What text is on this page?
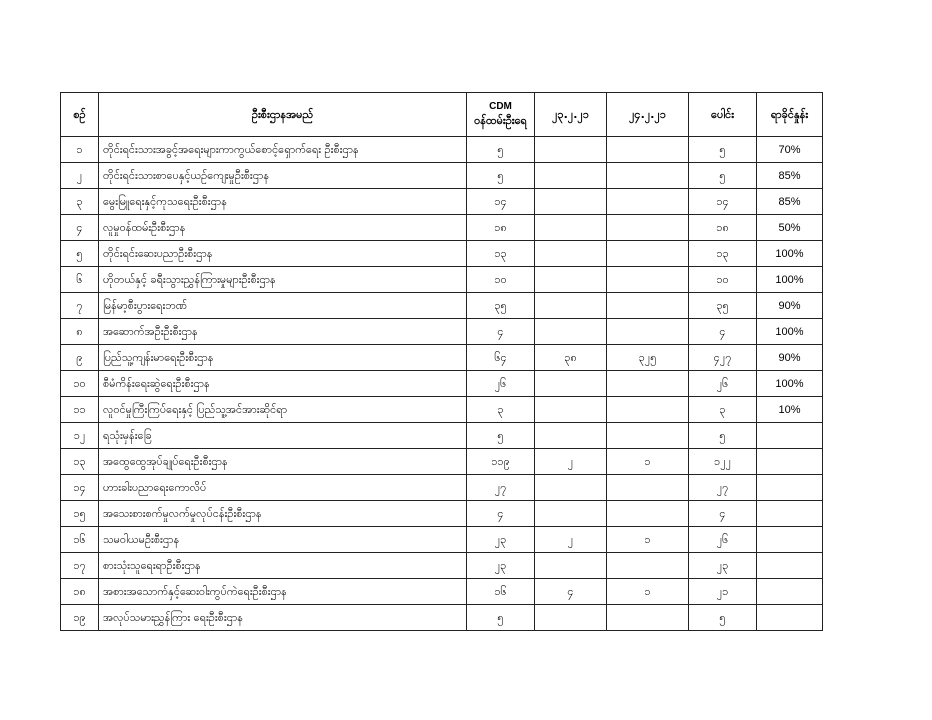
စဉ်	ဦးစီးဌာနအမည်	CDM
ဝန်ထမ်းဦးရေ	၂၃.၂.၂၁	၂၄.၂.၂၁	ပေါင်း	ရာခိုင်နှုန်း
၁	တိုင်းရင်းသားအခွင့်အရေးများကာကွယ်စောင့်ရှောက်ရေး ဦးစီးဌာန	၅			၅	70%
၂	တိုင်းရင်းသားစာပေနှင့်ယဉ်ကျေးမှုဦးစီးဌာန	၅			၅	85%
၃	မွေးမြူရေးနှင့်ကုသရေးဦးစီးဌာန	၁၄			၁၄	85%
၄	လူမှုဝန်ထမ်းဦးစီးဌာန	၁၈			၁၈	50%
၅	တိုင်းရင်းဆေးပညာဦးစီးဌာန	၁၃			၁၃	100%
၆	ဟိုတယ်နှင့် ခရီးသွားညွှန်ကြားမှုများဦးစီးဌာန	၁၀			၁၀	100%
၇	မြန်မာ့စီးပွားရေးဘဏ်	၃၅			၃၅	90%
၈	အဆောက်အဦးဦးစီးဌာန	၄			၄	100%
၉	ပြည်သူ့ကျန်းမာရေးဦးစီးဌာန	၆၄	၃၈	၃၂၅	၄၂၇	90%
၁၀	စီမံကိန်းရေးဆွဲရေးဦးစီးဌာန	၂၆			၂၆	100%
၁၁	လူဝင်မှုကြီးကြပ်ရေးနှင့် ပြည်သူ့အင်အားဆိုင်ရာ	၃			၃	10%
၁၂	ရသုံးမှန်းခြေ	၅			၅	
၁၃	အထွေထွေအုပ်ချုပ်ရေးဦးစီးဌာန	၁၁၉	၂	၁	၁၂၂	
၁၄	ဟားခါးပညာရေးကောလိပ်	၂၇			၂၇	
၁၅	အသေးစားစက်မှုလက်မှုလုပ်ငန်းဦးစီးဌာန	၄			၄	
၁၆	သမဝါယမဦးစီးဌာန	၂၃	၂	၁	၂၆	
၁၇	စားသုံးသူရေးရာဦးစီးဌာန	၂၃			၂၃	
၁၈	အစားအသောက်နှင့်ဆေးဝါးကွပ်ကဲရေးဦးစီးဌာန	၁၆	၄	၁	၂၁	
၁၉	အလုပ်သမားညွှန်ကြား ရေးဦးစီးဌာန	၅			၅	
